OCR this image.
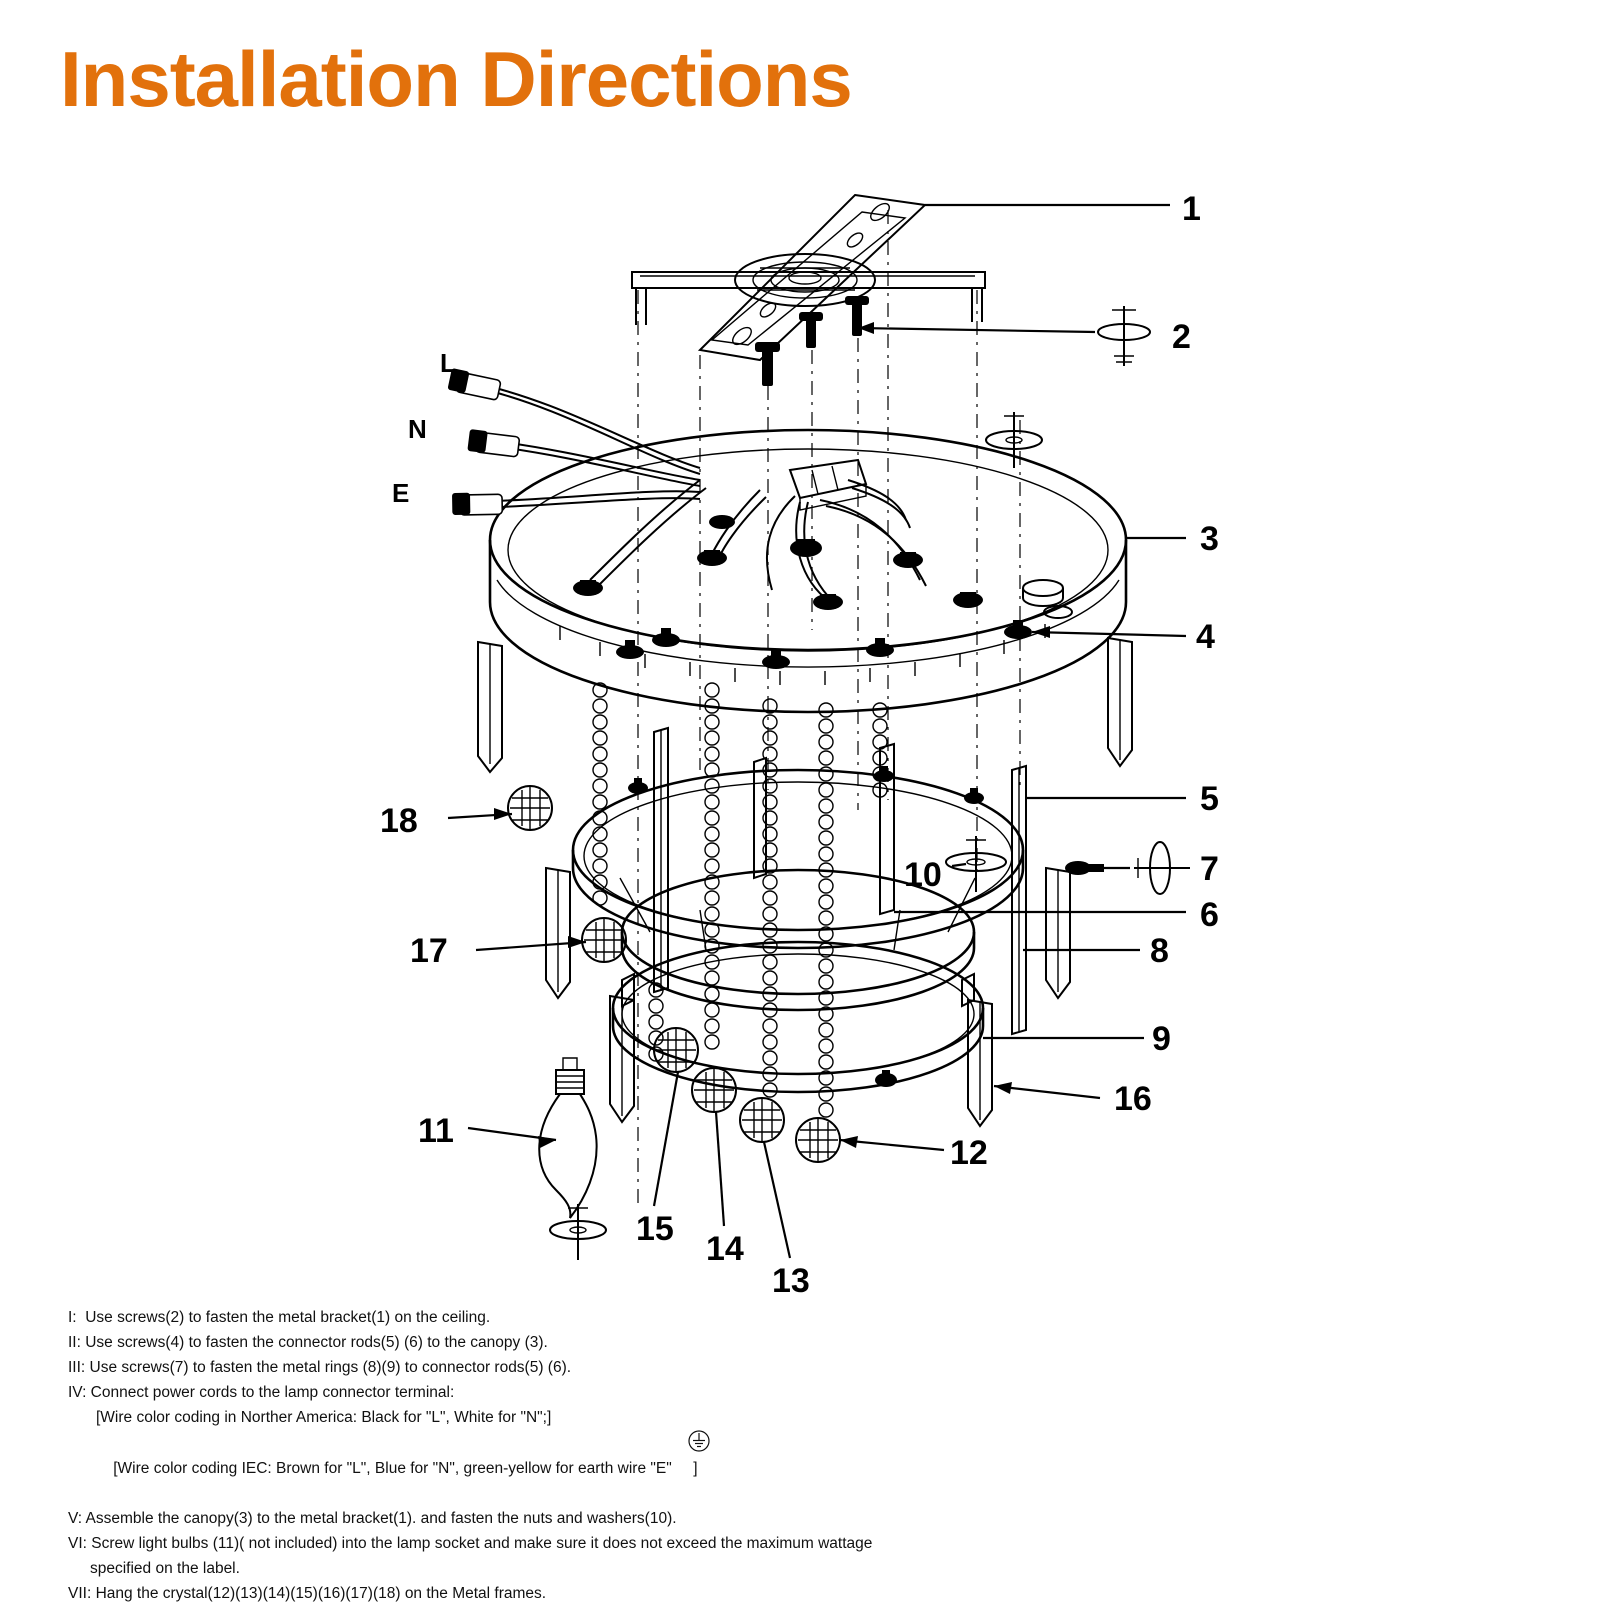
Installation Directions
L
N
E
1
2
3
4
5
6
7
8
9
10
11
12
13
14
15
16
17
18
I:  Use screws(2) to fasten the metal bracket(1) on the ceiling.
II: Use screws(4) to fasten the connector rods(5) (6) to the canopy (3).
III: Use screws(7) to fasten the metal rings (8)(9) to connector rods(5) (6).
IV: Connect power cords to the lamp connector terminal:
[Wire color coding in Norther America: Black for "L", White for "N";]

[Wire color coding IEC: Brown for "L", Blue for "N", green-yellow for earth wire "E"     ]

V: Assemble the canopy(3) to the metal bracket(1). and fasten the nuts and washers(10).
VI: Screw light bulbs (11)( not included) into the lamp socket and make sure it does not exceed the maximum wattage
specified on the label.
VII: Hang the crystal(12)(13)(14)(15)(16)(17)(18) on the Metal frames.
